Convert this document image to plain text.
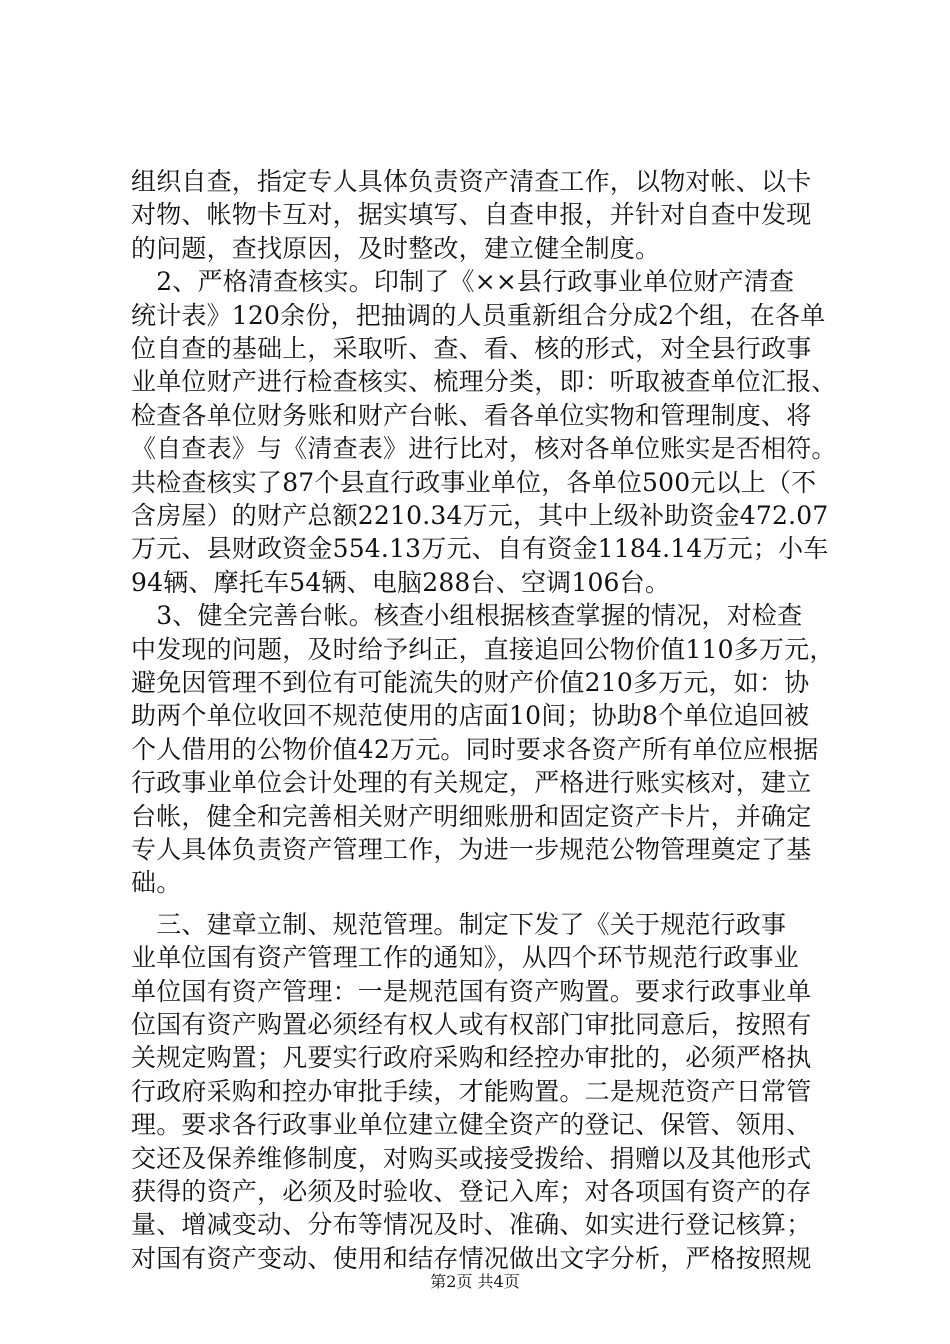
组织自查，指定专人具体负责资产清查工作，以物对帐、以卡
对物、帐物卡互对，据实填写、自查申报，并针对自查中发现
的问题，查找原因，及时整改，建立健全制度。
　2、严格清查核实。印制了《××县行政事业单位财产清查
统计表》120余份，把抽调的人员重新组合分成2个组，在各单
位自查的基础上，采取听、查、看、核的形式，对全县行政事
业单位财产进行检查核实、梳理分类，即：听取被查单位汇报、
检查各单位财务账和财产台帐、看各单位实物和管理制度、将
《自查表》与《清查表》进行比对，核对各单位账实是否相符。
共检查核实了87个县直行政事业单位，各单位500元以上（不
含房屋）的财产总额2210.34万元，其中上级补助资金472.07
万元、县财政资金554.13万元、自有资金1184.14万元；小车
94辆、摩托车54辆、电脑288台、空调106台。
　3、健全完善台帐。核查小组根据核查掌握的情况，对检查
中发现的问题，及时给予纠正，直接追回公物价值110多万元，
避免因管理不到位有可能流失的财产价值210多万元，如：协
助两个单位收回不规范使用的店面10间；协助8个单位追回被
个人借用的公物价值42万元。同时要求各资产所有单位应根据
行政事业单位会计处理的有关规定，严格进行账实核对，建立
台帐，健全和完善相关财产明细账册和固定资产卡片，并确定
专人具体负责资产管理工作，为进一步规范公物管理奠定了基
础。
　三、建章立制、规范管理。制定下发了《关于规范行政事
业单位国有资产管理工作的通知》，从四个环节规范行政事业
单位国有资产管理：一是规范国有资产购置。要求行政事业单
位国有资产购置必须经有权人或有权部门审批同意后，按照有
关规定购置；凡要实行政府采购和经控办审批的，必须严格执
行政府采购和控办审批手续，才能购置。二是规范资产日常管
理。要求各行政事业单位建立健全资产的登记、保管、领用、
交还及保养维修制度，对购买或接受拨给、捐赠以及其他形式
获得的资产，必须及时验收、登记入库；对各项国有资产的存
量、增减变动、分布等情况及时、准确、如实进行登记核算；
对国有资产变动、使用和结存情况做出文字分析，严格按照规
第2页 共4页
